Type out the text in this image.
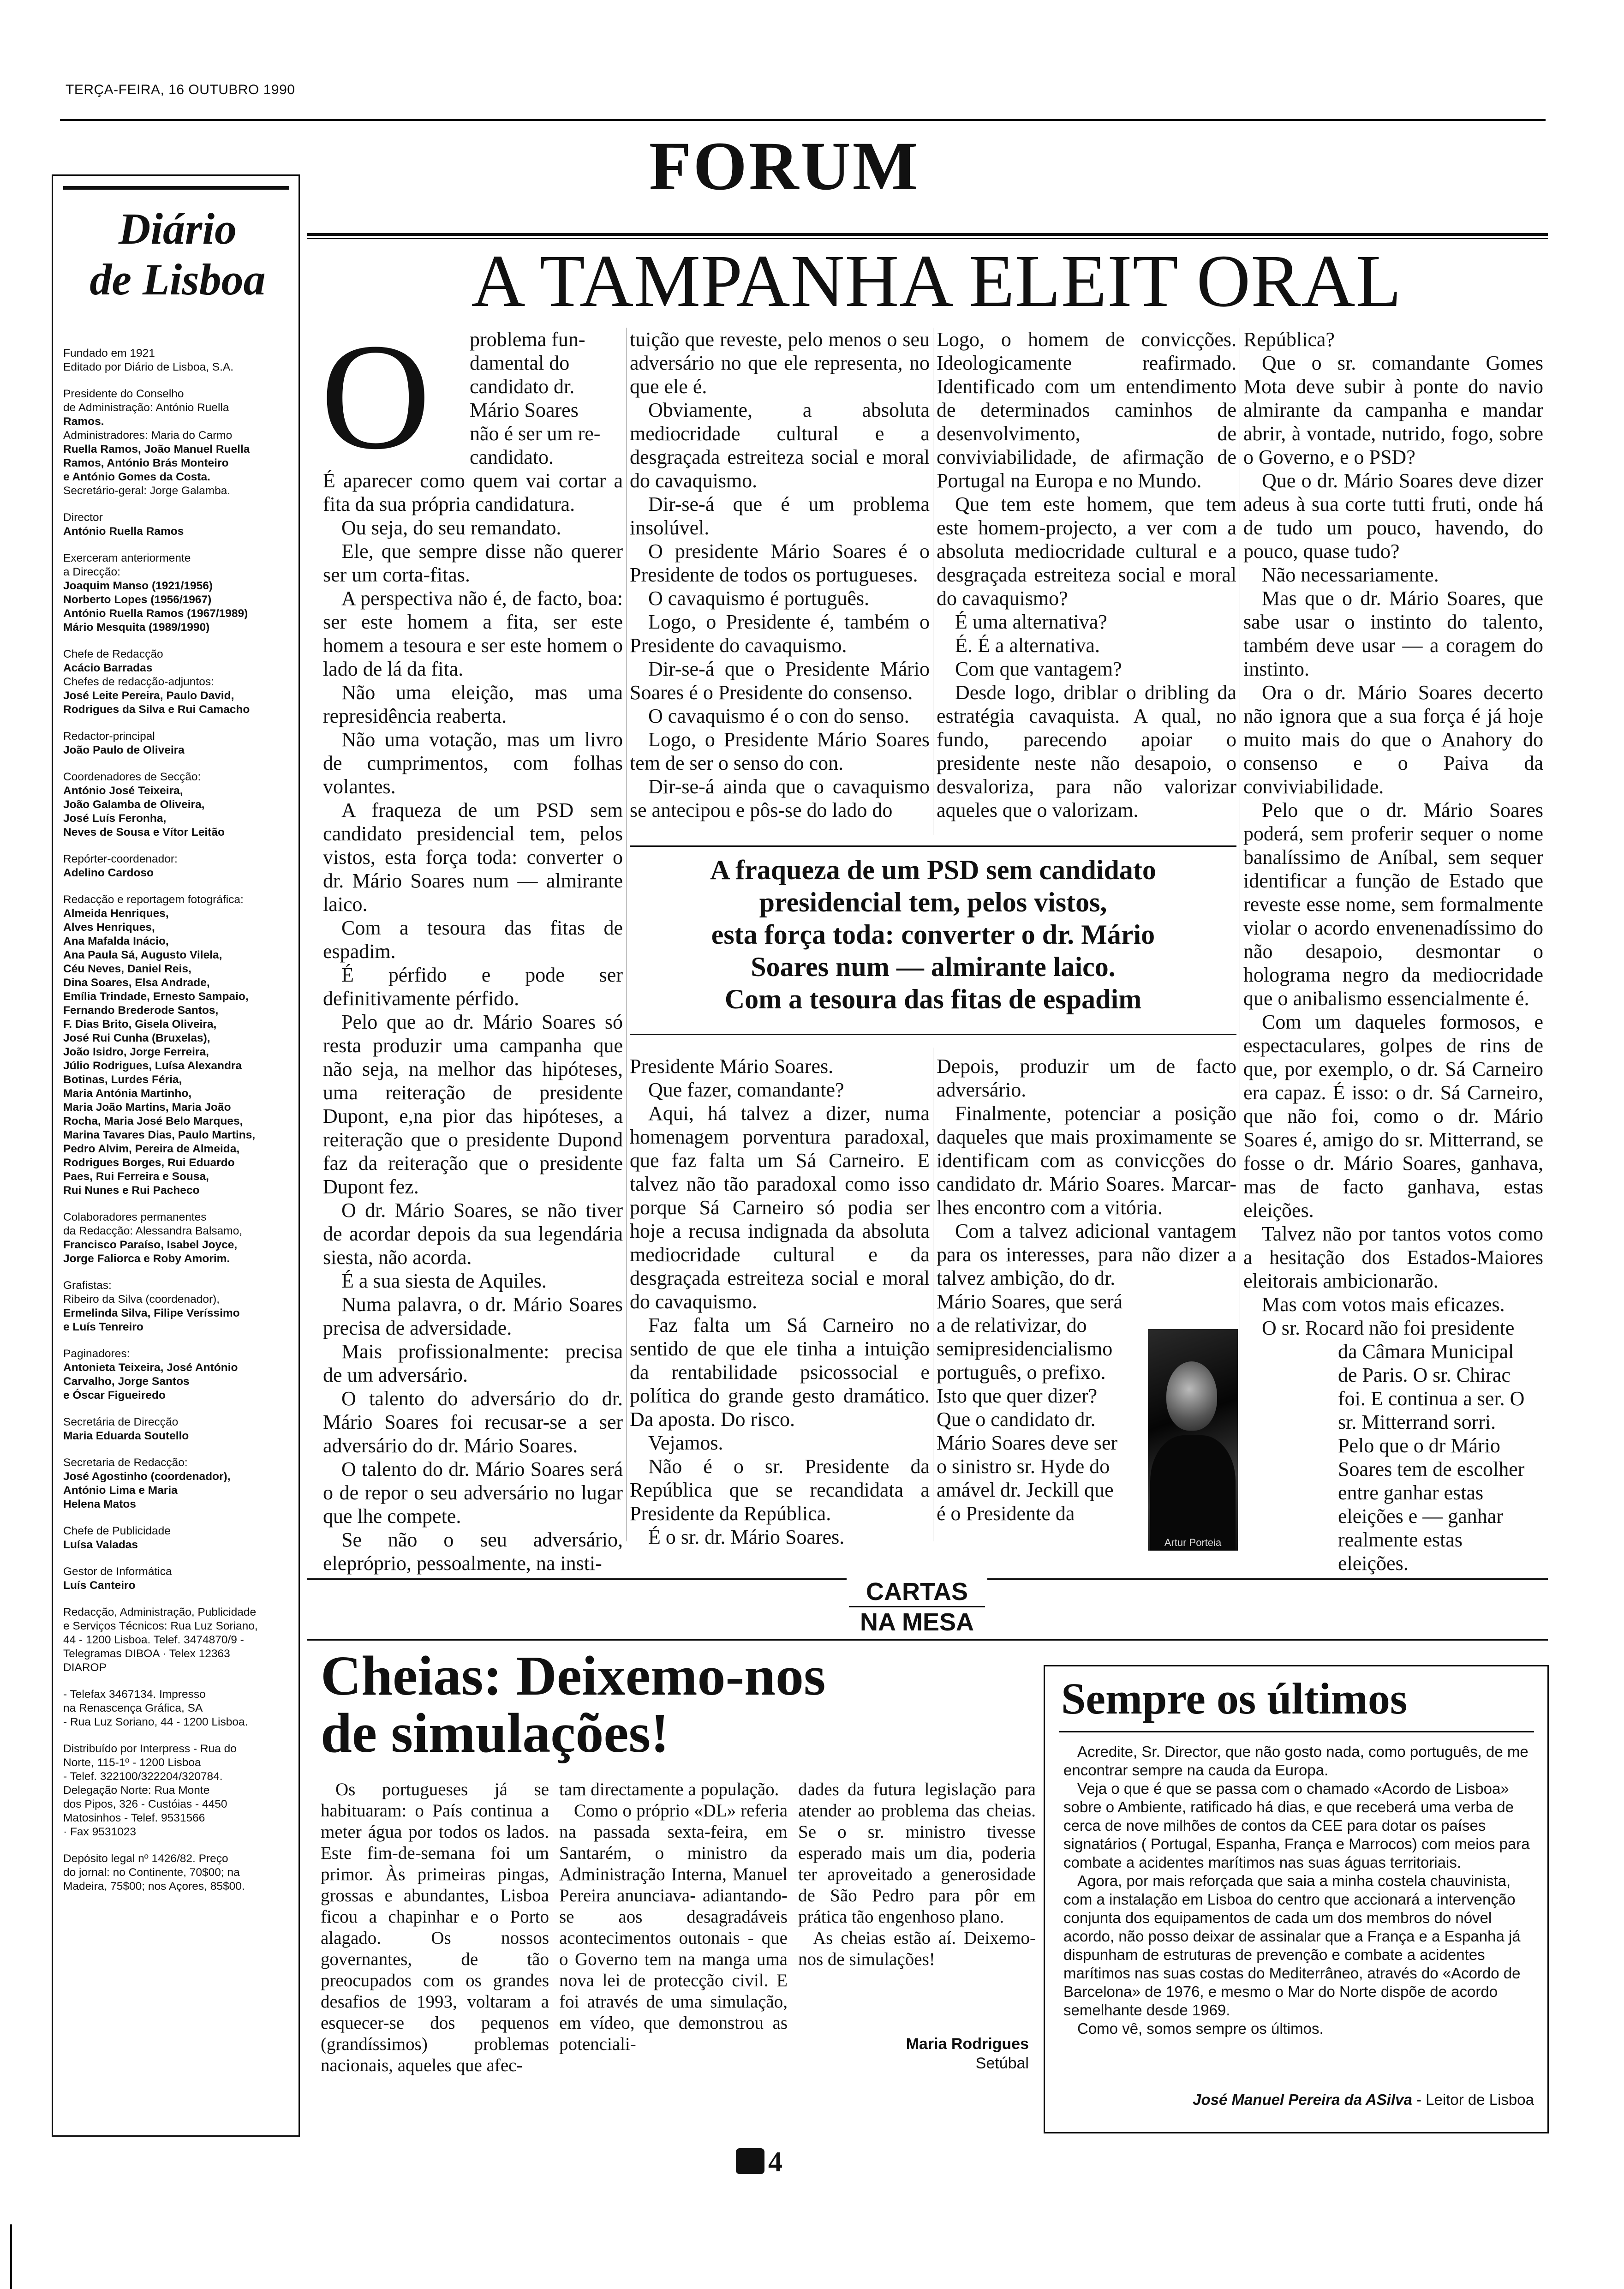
TERÇA-FEIRA, 16 OUTUBRO 1990
FORUM
Diário
de Lisboa
Fundado em 1921
Editado por Diário de Lisboa, S.A.
Presidente do Conselho
de Administração: António Ruella
Ramos.
Administradores: Maria do Carmo
Ruella Ramos, João Manuel Ruella
Ramos, António Brás Monteiro
e António Gomes da Costa.
Secretário-geral: Jorge Galamba.
Director
António Ruella Ramos
Exerceram anteriormente
a Direcção:
Joaquim Manso (1921/1956)
Norberto Lopes (1956/1967)
António Ruella Ramos (1967/1989)
Mário Mesquita (1989/1990)
Chefe de Redacção
Acácio Barradas
Chefes de redacção-adjuntos:
José Leite Pereira, Paulo David,
Rodrigues da Silva e Rui Camacho
Redactor-principal
João Paulo de Oliveira
Coordenadores de Secção:
António José Teixeira,
João Galamba de Oliveira,
José Luís Feronha,
Neves de Sousa e Vítor Leitão
Repórter-coordenador:
Adelino Cardoso
Redacção e reportagem fotográfica:
Almeida Henriques,
Alves Henriques,
Ana Mafalda Inácio,
Ana Paula Sá, Augusto Vilela,
Céu Neves, Daniel Reis,
Dina Soares, Elsa Andrade,
Emília Trindade, Ernesto Sampaio,
Fernando Brederode Santos,
F. Dias Brito, Gisela Oliveira,
José Rui Cunha (Bruxelas),
João Isidro, Jorge Ferreira,
Júlio Rodrigues, Luísa Alexandra
Botinas, Lurdes Féria,
Maria Antónia Martinho,
Maria João Martins, Maria João
Rocha, Maria José Belo Marques,
Marina Tavares Dias, Paulo Martins,
Pedro Alvim, Pereira de Almeida,
Rodrigues Borges, Rui Eduardo
Paes, Rui Ferreira e Sousa,
Rui Nunes e Rui Pacheco
Colaboradores permanentes
da Redacção: Alessandra Balsamo,
Francisco Paraíso, Isabel Joyce,
Jorge Faliorca e Roby Amorim.
Grafistas:
Ribeiro da Silva (coordenador),
Ermelinda Silva, Filipe Veríssimo
e Luís Tenreiro
Paginadores:
Antonieta Teixeira, José António
Carvalho, Jorge Santos
e Óscar Figueiredo
Secretária de Direcção
Maria Eduarda Soutello
Secretaria de Redacção:
José Agostinho (coordenador),
António Lima e Maria
Helena Matos
Chefe de Publicidade
Luísa Valadas
Gestor de Informática
Luís Canteiro
Redacção, Administração, Publicidade
e Serviços Técnicos: Rua Luz Soriano,
44 - 1200 Lisboa. Telef. 3474870/9 -
Telegramas DIBOA · Telex 12363
DIAROP
- Telefax 3467134. Impresso
na Renascença Gráfica, SA
- Rua Luz Soriano, 44 - 1200 Lisboa.
Distribuído por Interpress - Rua do
Norte, 115-1º - 1200 Lisboa
- Telef. 322100/322204/320784.
Delegação Norte: Rua Monte
dos Pipos, 326 - Custóias - 4450
Matosinhos - Telef. 9531566
· Fax 9531023
Depósito legal nº 1426/82. Preço
do jornal: no Continente, 70$00; na
Madeira, 75$00; nos Açores, 85$00.
A TAMPANHA ELEIT ORAL
O problema fun-
damental do
candidato dr.
Mário Soares
não é ser um re-
candidato.

É aparecer como quem vai cortar a fita da sua própria candidatura.

Ou seja, do seu remandato.

Ele, que sempre disse não querer ser um corta-fitas.

A perspectiva não é, de facto, boa: ser este homem a fita, ser este homem a tesoura e ser este homem o lado de lá da fita.

Não uma eleição, mas uma represidência reaberta.

Não uma votação, mas um livro de cumprimentos, com folhas volantes.

A fraqueza de um PSD sem candidato presidencial tem, pelos vistos, esta força toda: converter o dr. Mário Soares num — almirante laico.

Com a tesoura das fitas de espadim.

É pérfido e pode ser definitivamente pérfido.

Pelo que ao dr. Mário Soares só resta produzir uma campanha que não seja, na melhor das hipóteses, uma reiteração de presidente Dupont, e,na pior das hipóteses, a reiteração que o presidente Dupond faz da reiteração que o presidente Dupont fez.

O dr. Mário Soares, se não tiver de acordar depois da sua legendária siesta, não acorda.

É a sua siesta de Aquiles.

Numa palavra, o dr. Mário Soares precisa de adversidade.

Mais profissionalmente: precisa de um adversário.

O talento do adversário do dr. Mário Soares foi recusar-se a ser adversário do dr. Mário Soares.

O talento do dr. Mário Soares será o de repor o seu adversário no lugar que lhe compete.

Se não o seu adversário, elepróprio, pessoalmente, na insti-

tuição que reveste, pelo menos o seu adversário no que ele representa, no que ele é.

Obviamente, a absoluta mediocridade cultural e a desgraçada estreiteza social e moral do cavaquismo.

Dir-se-á que é um problema insolúvel.

O presidente Mário Soares é o Presidente de todos os portugueses.

O cavaquismo é português.

Logo, o Presidente é, também o Presidente do cavaquismo.

Dir-se-á que o Presidente Mário Soares é o Presidente do consenso.

O cavaquismo é o con do senso.

Logo, o Presidente Mário Soares tem de ser o senso do con.

Dir-se-á ainda que o cavaquismo se antecipou e pôs-se do lado do

Logo, o homem de convicções. Ideologicamente reafirmado. Identificado com um entendimento de determinados caminhos de desenvolvimento, de conviviabilidade, de afirmação de Portugal na Europa e no Mundo.

Que tem este homem, que tem este homem-projecto, a ver com a absoluta mediocridade cultural e a desgraçada estreiteza social e moral do cavaquismo?

É uma alternativa?

É. É a alternativa.

Com que vantagem?

Desde logo, driblar o dribling da estratégia cavaquista. A qual, no fundo, parecendo apoiar o presidente neste não desapoio, o desvaloriza, para não valorizar aqueles que o valorizam.

República?

Que o sr. comandante Gomes Mota deve subir à ponte do navio almirante da campanha e mandar abrir, à vontade, nutrido, fogo, sobre o Governo, e o PSD?

Que o dr. Mário Soares deve dizer adeus à sua corte tutti fruti, onde há de tudo um pouco, havendo, do pouco, quase tudo?

Não necessariamente.

Mas que o dr. Mário Soares, que sabe usar o instinto do talento, também deve usar — a coragem do instinto.

Ora o dr. Mário Soares decerto não ignora que a sua força é já hoje muito mais do que o Anahory do consenso e o Paiva da conviviabilidade.

Pelo que o dr. Mário Soares poderá, sem proferir sequer o nome banalíssimo de Aníbal, sem sequer identificar a função de Estado que reveste esse nome, sem formalmente violar o acordo envenenadíssimo do não desapoio, desmontar o holograma negro da mediocridade que o anibalismo essencialmente é.

Com um daqueles formosos, e espectaculares, golpes de rins de que, por exemplo, o dr. Sá Carneiro era capaz. É isso: o dr. Sá Carneiro, que não foi, como o dr. Mário Soares é, amigo do sr. Mitterrand, se fosse o dr. Mário Soares, ganhava, mas de facto ganhava, estas eleições.

Talvez não por tantos votos como a hesitação dos Estados-Maiores eleitorais ambicionarão.

Mas com votos mais eficazes.

O sr. Rocard não foi presidente

da Câmara Municipal
de Paris. O sr. Chirac
foi. E continua a ser. O
sr. Mitterrand sorri.
Pelo que o dr Mário
Soares tem de escolher
entre ganhar estas
eleições e — ganhar
realmente estas
eleições.
A fraqueza de um PSD sem candidato
presidencial tem, pelos vistos,
esta força toda: converter o dr. Mário
Soares num — almirante laico.
Com a tesoura das fitas de espadim

Presidente Mário Soares.

Que fazer, comandante?

Aqui, há talvez a dizer, numa homenagem porventura paradoxal, que faz falta um Sá Carneiro. E talvez não tão paradoxal como isso porque Sá Carneiro só podia ser hoje a recusa indignada da absoluta mediocridade cultural e da desgraçada estreiteza social e moral do cavaquismo.

Faz falta um Sá Carneiro no sentido de que ele tinha a intuição da rentabilidade psicossocial e política do grande gesto dramático. Da aposta. Do risco.

Vejamos.

Não é o sr. Presidente da República que se recandidata a Presidente da República.

É o sr. dr. Mário Soares.

Depois, produzir um de facto adversário.

Finalmente, potenciar a posição daqueles que mais proximamente se identificam com as convicções do candidato dr. Mário Soares. Marcar-lhes encontro com a vitória.

Com a talvez adicional vantagem para os interesses, para não dizer a talvez ambição, do dr.

Mário Soares, que será
a de relativizar, do
semipresidencialismo
português, o prefixo.
Isto que quer dizer?
Que o candidato dr.
Mário Soares deve ser
o sinistro sr. Hyde do
amável dr. Jeckill que
é o Presidente da
Artur Porteia
CARTAS
NA MESA
Cheias: Deixemo-nos
de simulações!

Os portugueses já se habituaram: o País continua a meter água por todos os lados. Este fim-de-semana foi um primor. Às primeiras pingas, grossas e abundantes, Lisboa ficou a chapinhar e o Porto alagado. Os nossos governantes, de tão preocupados com os grandes desafios de 1993, voltaram a esquecer-se dos pequenos (grandíssimos) problemas nacionais, aqueles que afec-

tam directamente a população.

Como o próprio «DL» referia na passada sexta-feira, em Santarém, o ministro da Administração Interna, Manuel Pereira anunciava- adiantando-se aos desagradáveis acontecimentos outonais - que o Governo tem na manga uma nova lei de protecção civil. E foi através de uma simulação, em vídeo, que demonstrou as potenciali-

dades da futura legislação para atender ao problema das cheias. Se o sr. ministro tivesse esperado mais um dia, poderia ter aproveitado a generosidade de São Pedro para pôr em prática tão engenhoso plano.

As cheias estão aí. Deixemo-nos de simulações!

Maria Rodrigues
Setúbal
Sempre os últimos

Acredite, Sr. Director, que não gosto nada, como português, de me encontrar sempre na cauda da Europa.

Veja o que é que se passa com o chamado «Acordo de Lisboa» sobre o Ambiente, ratificado há dias, e que receberá uma verba de cerca de nove milhões de contos da CEE para dotar os países signatários ( Portugal, Espanha, França e Marrocos) com meios para combate a acidentes marítimos nas suas águas territoriais.

Agora, por mais reforçada que saia a minha costela chauvinista, com a instalação em Lisboa do centro que accionará a intervenção conjunta dos equipamentos de cada um dos membros do nóvel acordo, não posso deixar de assinalar que a França e a Espanha já dispunham de estruturas de prevenção e combate a acidentes marítimos nas suas costas do Mediterrâneo, através do «Acordo de Barcelona» de 1976, e mesmo o Mar do Norte dispõe de acordo semelhante desde 1969.

Como vê, somos sempre os últimos.

José Manuel Pereira da ASilva - Leitor de Lisboa
4
